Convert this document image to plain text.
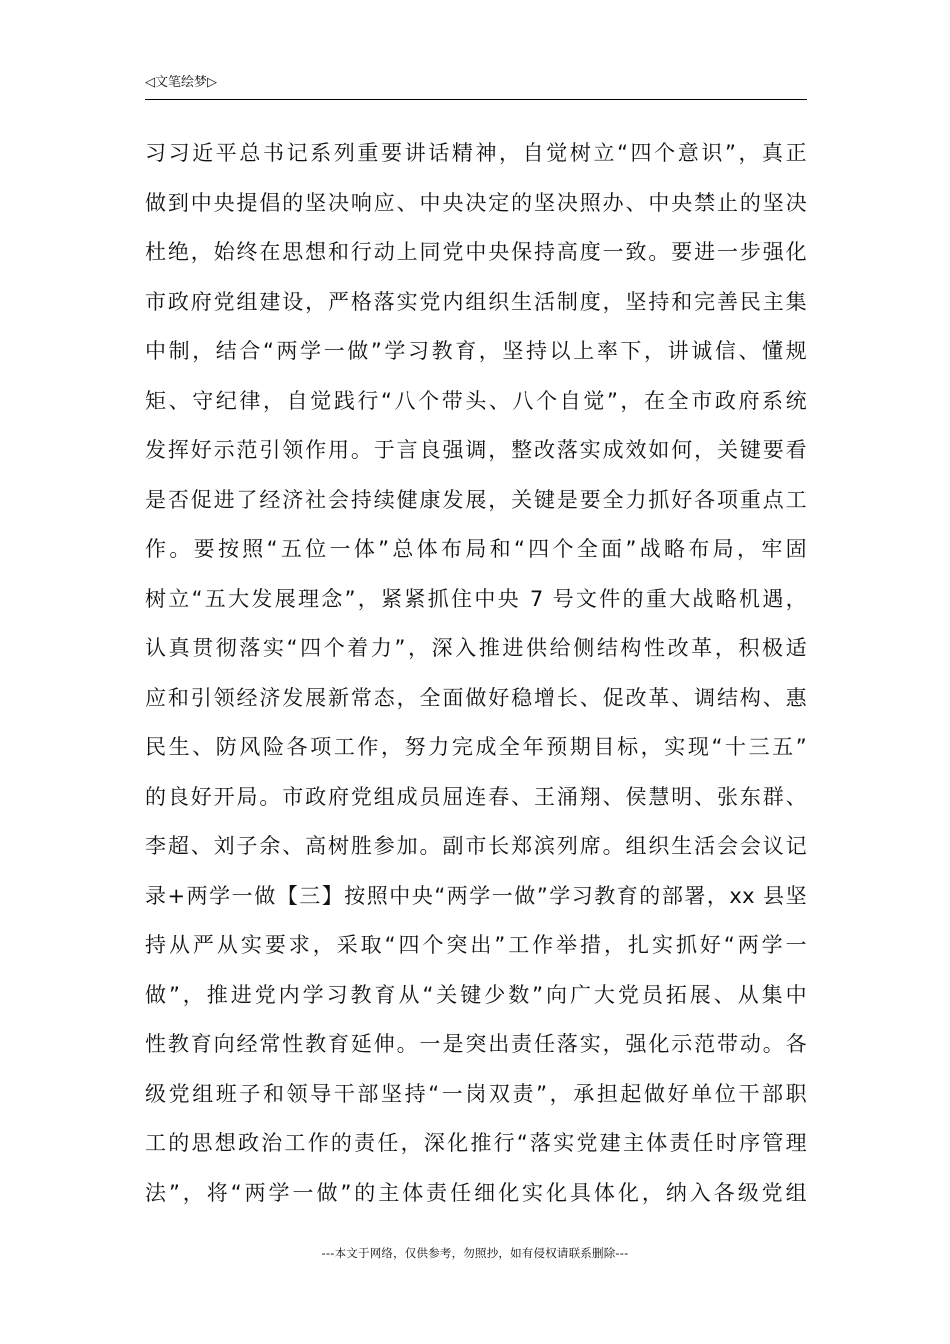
◁文笔绘梦▷
习习近平总书记系列重要讲话精神，自觉树立“四个意识”，真正
做到中央提倡的坚决响应、中央决定的坚决照办、中央禁止的坚决
杜绝，始终在思想和行动上同党中央保持高度一致。要进一步强化
市政府党组建设，严格落实党内组织生活制度，坚持和完善民主集
中制，结合“两学一做”学习教育，坚持以上率下，讲诚信、懂规
矩、守纪律，自觉践行“八个带头、八个自觉”，在全市政府系统
发挥好示范引领作用。于言良强调，整改落实成效如何，关键要看
是否促进了经济社会持续健康发展，关键是要全力抓好各项重点工
作。要按照“五位一体”总体布局和“四个全面”战略布局，牢固
树立“五大发展理念”，紧紧抓住中央 7 号文件的重大战略机遇，
认真贯彻落实“四个着力”，深入推进供给侧结构性改革，积极适
应和引领经济发展新常态，全面做好稳增长、促改革、调结构、惠
民生、防风险各项工作，努力完成全年预期目标，实现“十三五”
的良好开局。市政府党组成员屈连春、王涌翔、侯慧明、张东群、
李超、刘子余、高树胜参加。副市长郑滨列席。组织生活会会议记
录+两学一做【三】按照中央“两学一做”学习教育的部署，xx 县坚
持从严从实要求，采取“四个突出”工作举措，扎实抓好“两学一
做”，推进党内学习教育从“关键少数”向广大党员拓展、从集中
性教育向经常性教育延伸。一是突出责任落实，强化示范带动。各
级党组班子和领导干部坚持“一岗双责”，承担起做好单位干部职
工的思想政治工作的责任，深化推行“落实党建主体责任时序管理
法”，将“两学一做”的主体责任细化实化具体化，纳入各级党组
---本文于网络，仅供参考，勿照抄，如有侵权请联系删除---
